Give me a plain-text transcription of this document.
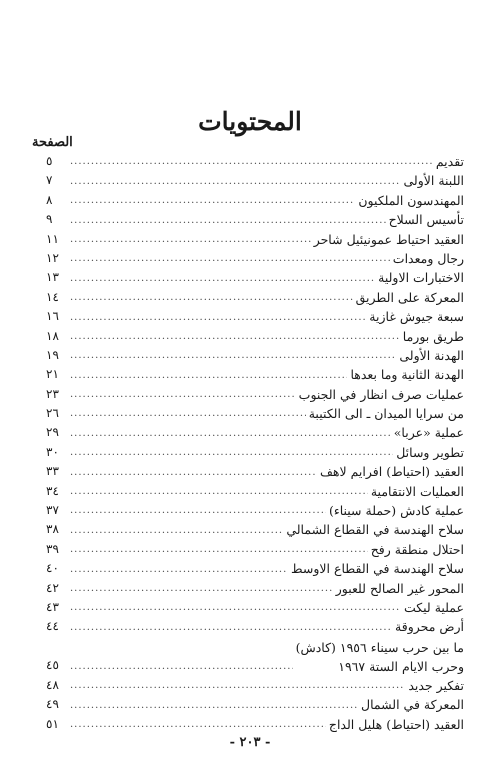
المحتويات
الصفحة
تقديم
.....
٥
اللبنة الأولى
.....
٧
المهندسون الملكيون
.....
٨
تأسيس السلاح
.....
٩
العقيد احتياط عمونيئيل شاحر
.....
١١
رجال ومعدات
.....
١٢
الاختبارات الاولية
.....
١٣
المعركة على الطريق
.....
١٤
سبعة جيوش غازية
.....
١٦
طريق بورما
.....
١٨
الهدنة الأولى
.....
١٩
الهدنة الثانية وما بعدها
.....
٢١
عمليات صرف انظار في الجنوب
.....
٢٣
من سرايا الميدان ـ الى الكتيبة
.....
٢٦
عملية «عربا»
.....
٢٩
تطوير وسائل
.....
٣٠
العقيد (احتياط) افرايم لاهف
.....
٣٣
العمليات الانتقامية
.....
٣٤
عملية كادش (حملة سيناء)
.....
٣٧
سلاح الهندسة في القطاع الشمالي
.....
٣٨
احتلال منطقة رفح
.....
٣٩
سلاح الهندسة في القطاع الاوسط
.....
٤٠
المحور غير الصالح للعبور
.....
٤٢
عملية ليكت
.....
٤٣
أرض محروقة
.....
٤٤
ما بين حرب سيناء ١٩٥٦ (كادش)
وحرب الايام الستة ١٩٦٧
.....
٤٥
تفكير جديد
.....
٤٨
المعركة في الشمال
.....
٤٩
العقيد (احتياط) هليل الداج
.....
٥١
- ٢٠٣ -
